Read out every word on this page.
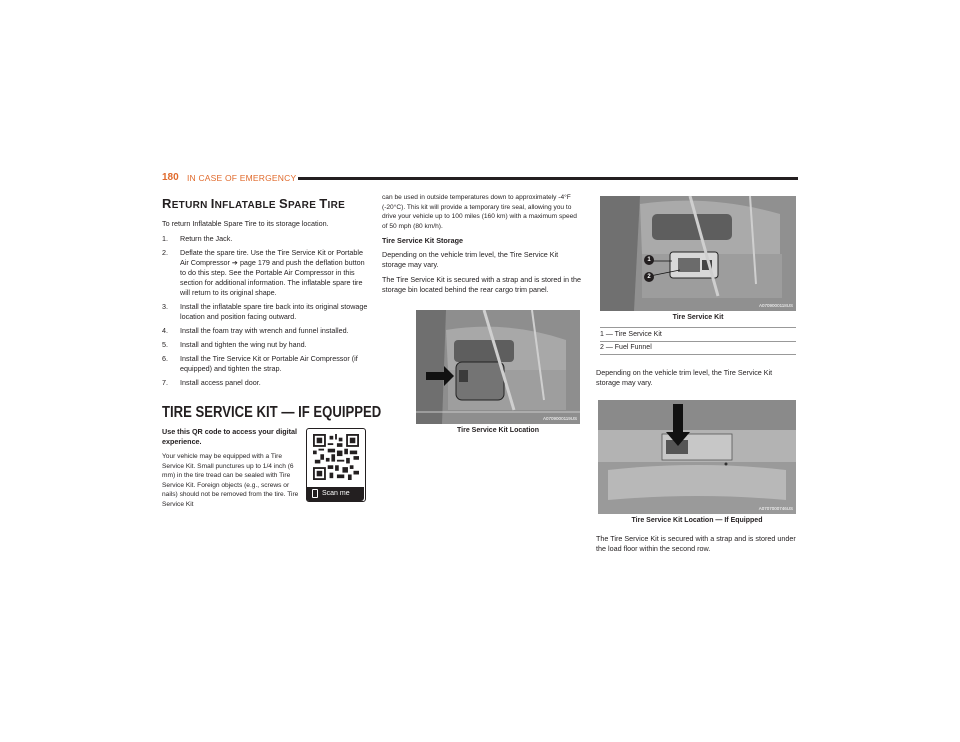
180 IN CASE OF EMERGENCY
RETURN INFLATABLE SPARE TIRE

To return Inflatable Spare Tire to its storage location.

1. Return the Jack.
2. Deflate the spare tire. Use the Tire Service Kit or Portable Air Compressor ➔ page 179 and push the deflation button to do this step. See the Portable Air Compressor in this section for additional information. The inflatable spare tire will return to its original shape.
3. Install the inflatable spare tire back into its original stowage location and position facing outward.
4. Install the foam tray with wrench and funnel installed.
5. Install and tighten the wing nut by hand.
6. Install the Tire Service Kit or Portable Air Compressor (if equipped) and tighten the strap.
7. Install access panel door.
TIRE SERVICE KIT — IF EQUIPPED

Use this QR code to access your digital experience.

Your vehicle may be equipped with a Tire Service Kit. Small punctures up to 1/4 inch (6 mm) in the tire tread can be sealed with Tire Service Kit. Foreign objects (e.g., screws or nails) should not be removed from the tire. Tire Service Kit

Scan me

can be used in outside temperatures down to approximately -4°F (-20°C). This kit will provide a temporary tire seal, allowing you to drive your vehicle up to 100 miles (160 km) with a maximum speed of 50 mph (80 km/h).

Tire Service Kit Storage

Depending on the vehicle trim level, the Tire Service Kit storage may vary.

The Tire Service Kit is secured with a strap and is stored in the storage bin located behind the rear cargo trim panel.

A0709000119US
Tire Service Kit Location
1
2
A0709000118US
Tire Service Kit
1 — Tire Service Kit
2 — Fuel Funnel

Depending on the vehicle trim level, the Tire Service Kit storage may vary.

A0707000746US
Tire Service Kit Location — If Equipped

The Tire Service Kit is secured with a strap and is stored under the load floor within the second row.
